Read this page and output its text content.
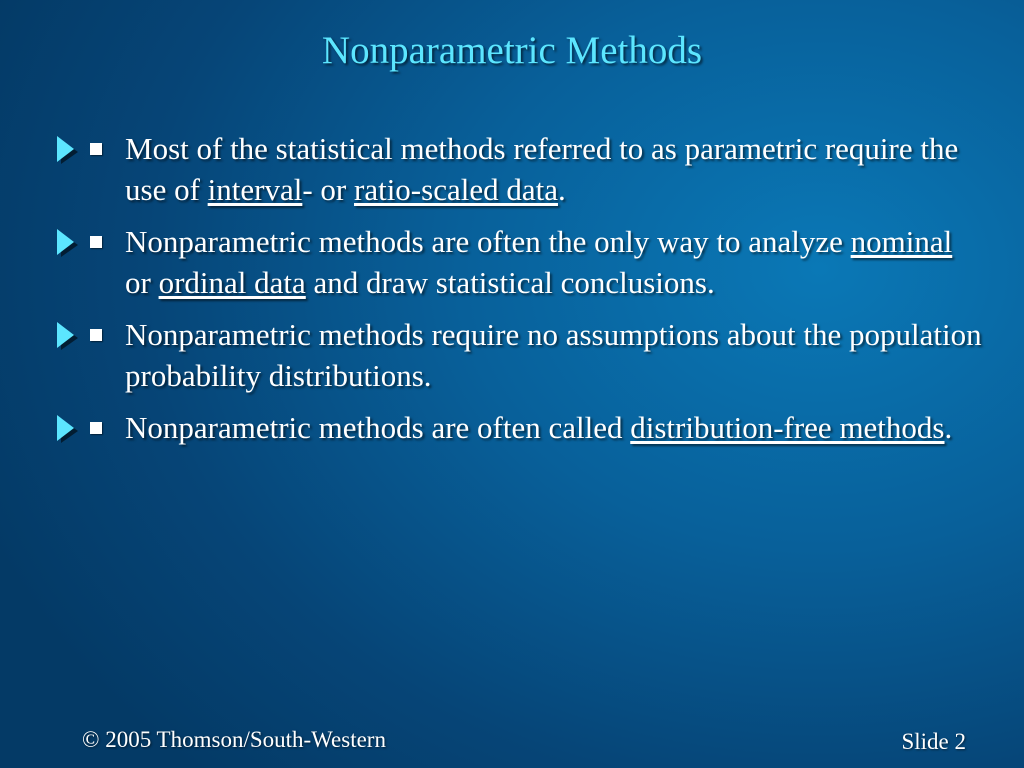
Nonparametric Methods
Most of the statistical methods referred to as parametric require the use of interval- or ratio-scaled data.
Nonparametric methods are often the only way to analyze nominal or ordinal data and draw statistical conclusions.
Nonparametric methods require no assumptions about the population probability distributions.
Nonparametric methods are often called distribution-free methods.
© 2005 Thomson/South-Western	Slide 2
